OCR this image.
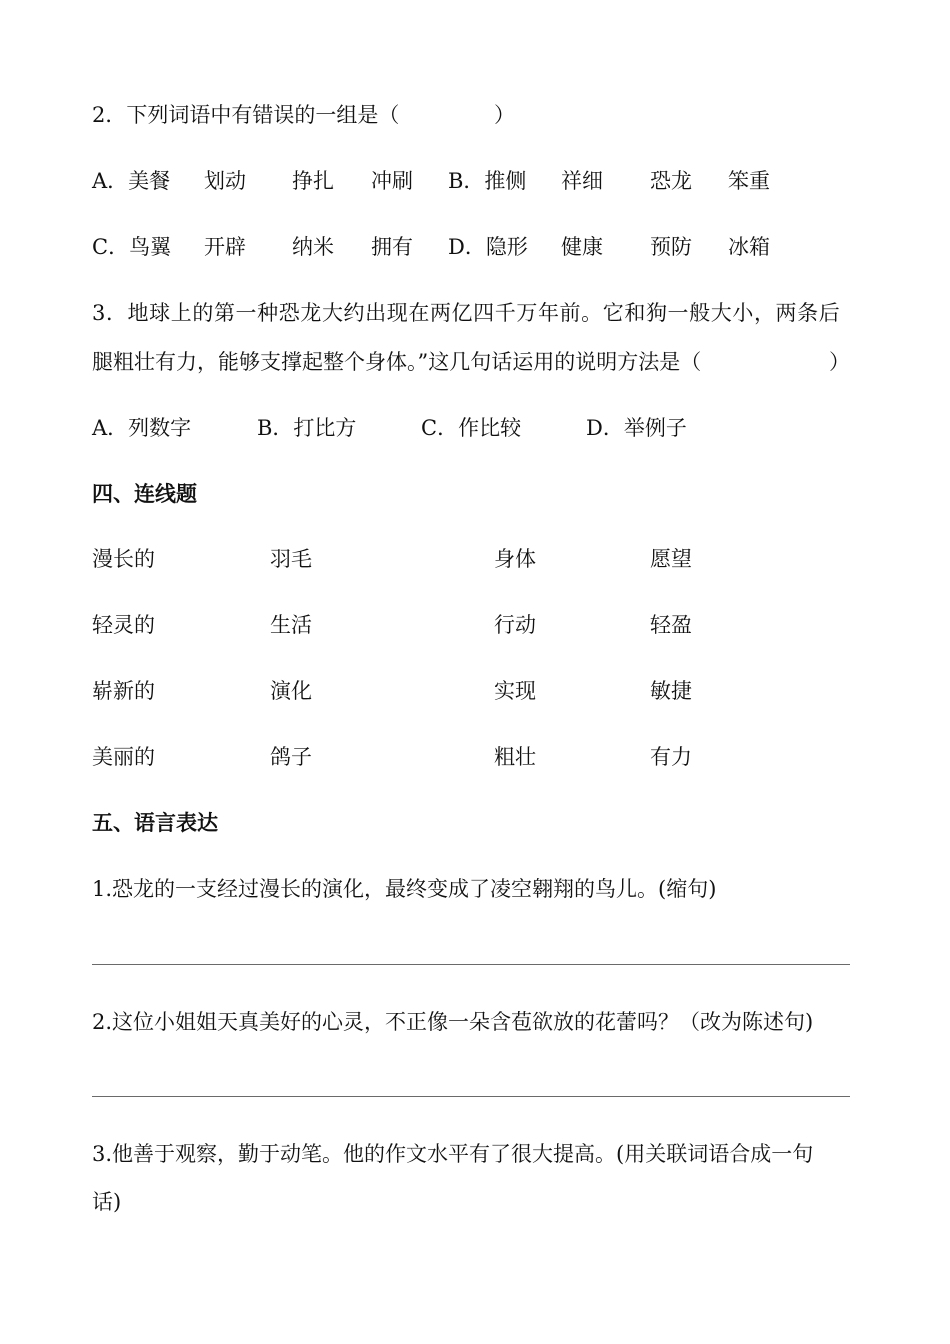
2．下列词语中有错误的一组是（	）
A．美餐 划动 挣扎 冲刷 B．推侧 祥细 恐龙 笨重
C．鸟翼 开辟 纳米 拥有 D．隐形 健康 预防 冰箱
3．地球上的第一种恐龙大约出现在两亿四千万年前。它和狗一般大小，两条后
腿粗壮有力，能够支撑起整个身体。”这几句话运用的说明方法是（	）
A．列数字	B．打比方	C．作比较	D．举例子
四、连线题
漫长的	羽毛	身体	愿望
轻灵的	生活	行动	轻盈
崭新的	演化	实现	敏捷
美丽的	鸽子	粗壮	有力
五、语言表达
1.恐龙的一支经过漫长的演化，最终变成了凌空翱翔的鸟儿。(缩句)
2.这位小姐姐天真美好的心灵，不正像一朵含苞欲放的花蕾吗？（改为陈述句)
3.他善于观察，勤于动笔。他的作文水平有了很大提高。(用关联词语合成一句
话)
